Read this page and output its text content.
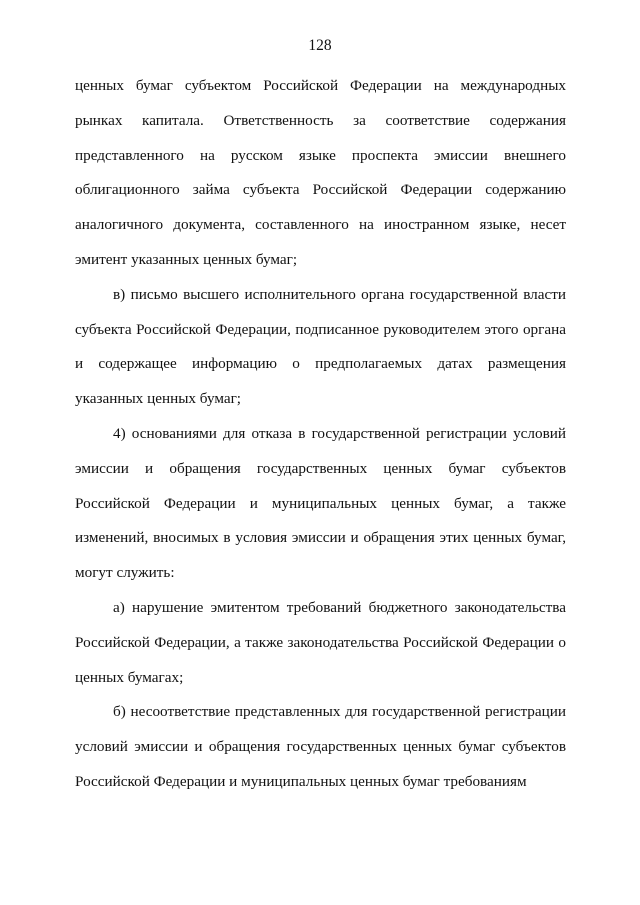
128

ценных бумаг субъектом Российской Федерации на международных рынках капитала. Ответственность за соответствие содержания представленного на русском языке проспекта эмиссии внешнего облигационного займа субъекта Российской Федерации содержанию аналогичного документа, составленного на иностранном языке, несет эмитент указанных ценных бумаг;

в) письмо высшего исполнительного органа государственной власти субъекта Российской Федерации, подписанное руководителем этого органа и содержащее информацию о предполагаемых датах размещения указанных ценных бумаг;

4) основаниями для отказа в государственной регистрации условий эмиссии и обращения государственных ценных бумаг субъектов Российской Федерации и муниципальных ценных бумаг, а также изменений, вносимых в условия эмиссии и обращения этих ценных бумаг, могут служить:

а) нарушение эмитентом требований бюджетного законодательства Российской Федерации, а также законодательства Российской Федерации о ценных бумагах;

б) несоответствие представленных для государственной регистрации условий эмиссии и обращения государственных ценных бумаг субъектов Российской Федерации и муниципальных ценных бумаг требованиям
